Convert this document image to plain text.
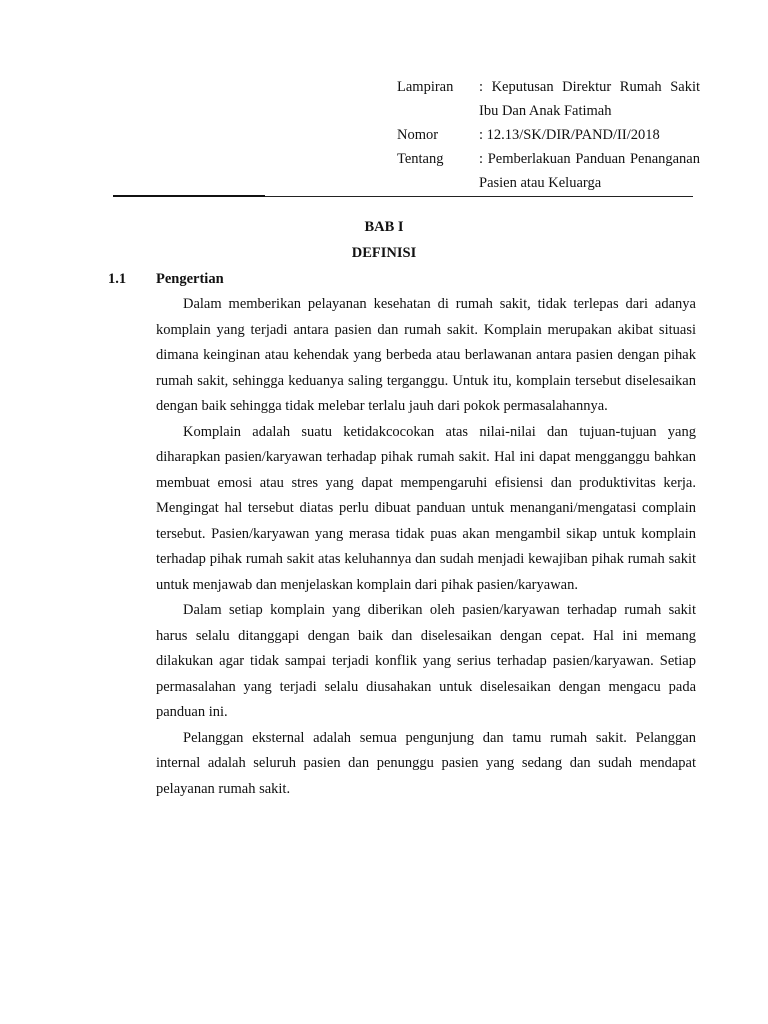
Lampiran	: Keputusan Direktur Rumah Sakit Ibu Dan Anak Fatimah
Nomor	: 12.13/SK/DIR/PAND/II/2018
Tentang	: Pemberlakuan Panduan Penanganan Pasien atau Keluarga
BAB I
DEFINISI
1.1 Pengertian

Dalam memberikan pelayanan kesehatan di rumah sakit, tidak terlepas dari adanya komplain yang terjadi antara pasien dan rumah sakit. Komplain merupakan akibat situasi dimana keinginan atau kehendak yang berbeda atau berlawanan antara pasien dengan pihak rumah sakit, sehingga keduanya saling terganggu. Untuk itu, komplain tersebut diselesaikan dengan baik sehingga tidak melebar terlalu jauh dari pokok permasalahannya.

Komplain adalah suatu ketidakcocokan atas nilai-nilai dan tujuan-tujuan yang diharapkan pasien/karyawan terhadap pihak rumah sakit. Hal ini dapat mengganggu bahkan membuat emosi atau stres yang dapat mempengaruhi efisiensi dan produktivitas kerja. Mengingat hal tersebut diatas perlu dibuat panduan untuk menangani/mengatasi complain tersebut. Pasien/karyawan yang merasa tidak puas akan mengambil sikap untuk komplain terhadap pihak rumah sakit atas keluhannya dan sudah menjadi kewajiban pihak rumah sakit untuk menjawab dan menjelaskan komplain dari pihak pasien/karyawan.

Dalam setiap komplain yang diberikan oleh pasien/karyawan terhadap rumah sakit harus selalu ditanggapi dengan baik dan diselesaikan dengan cepat. Hal ini memang dilakukan agar tidak sampai terjadi konflik yang serius terhadap pasien/karyawan. Setiap permasalahan yang terjadi selalu diusahakan untuk diselesaikan dengan mengacu pada panduan ini.

Pelanggan eksternal adalah semua pengunjung dan tamu rumah sakit. Pelanggan internal adalah seluruh pasien dan penunggu pasien yang sedang dan sudah mendapat pelayanan rumah sakit.
